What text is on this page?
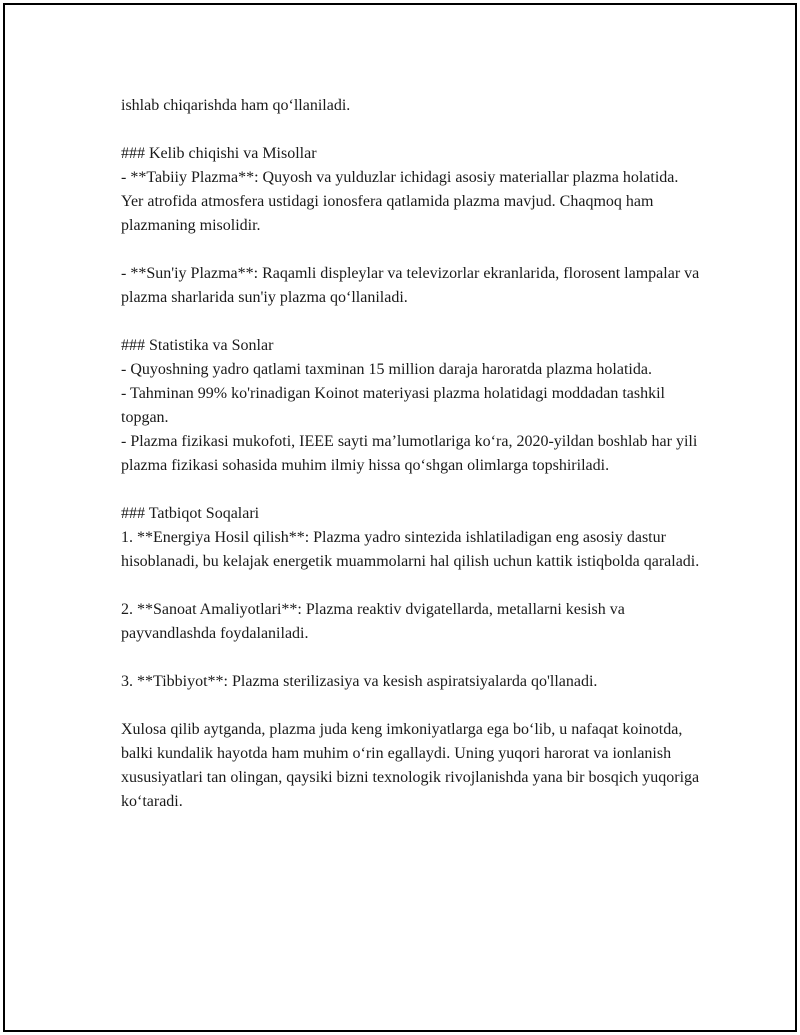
ishlab chiqarishda ham qo‘llaniladi.

### Kelib chiqishi va Misollar
- **Tabiiy Plazma**: Quyosh va yulduzlar ichidagi asosiy materiallar plazma holatida. Yer atrofida atmosfera ustidagi ionosfera qatlamida plazma mavjud. Chaqmoq ham plazmaning misolidir.

- **Sun'iy Plazma**: Raqamli displeylar va televizorlar ekranlarida, florosent lampalar va plazma sharlarida sun'iy plazma qo‘llaniladi.

### Statistika va Sonlar
- Quyoshning yadro qatlami taxminan 15 million daraja haroratda plazma holatida.
- Tahminan 99% ko'rinadigan Koinot materiyasi plazma holatidagi moddadan tashkil topgan.
- Plazma fizikasi mukofoti, IEEE sayti ma’lumotlariga ko‘ra, 2020-yildan boshlab har yili plazma fizikasi sohasida muhim ilmiy hissa qo‘shgan olimlarga topshiriladi.

### Tatbiqot Soqalari
1. **Energiya Hosil qilish**: Plazma yadro sintezida ishlatiladigan eng asosiy dastur hisoblanadi, bu kelajak energetik muammolarni hal qilish uchun kattik istiqbolda qaraladi.

2. **Sanoat Amaliyotlari**: Plazma reaktiv dvigatellarda, metallarni kesish va payvandlashda foydalaniladi.

3. **Tibbiyot**: Plazma sterilizasiya va kesish aspiratsiyalarda qo'llanadi.

Xulosa qilib aytganda, plazma juda keng imkoniyatlarga ega bo‘lib, u nafaqat koinotda, balki kundalik hayotda ham muhim o‘rin egallaydi. Uning yuqori harorat va ionlanish xususiyatlari tan olingan, qaysiki bizni texnologik rivojlanishda yana bir bosqich yuqoriga ko‘taradi.
